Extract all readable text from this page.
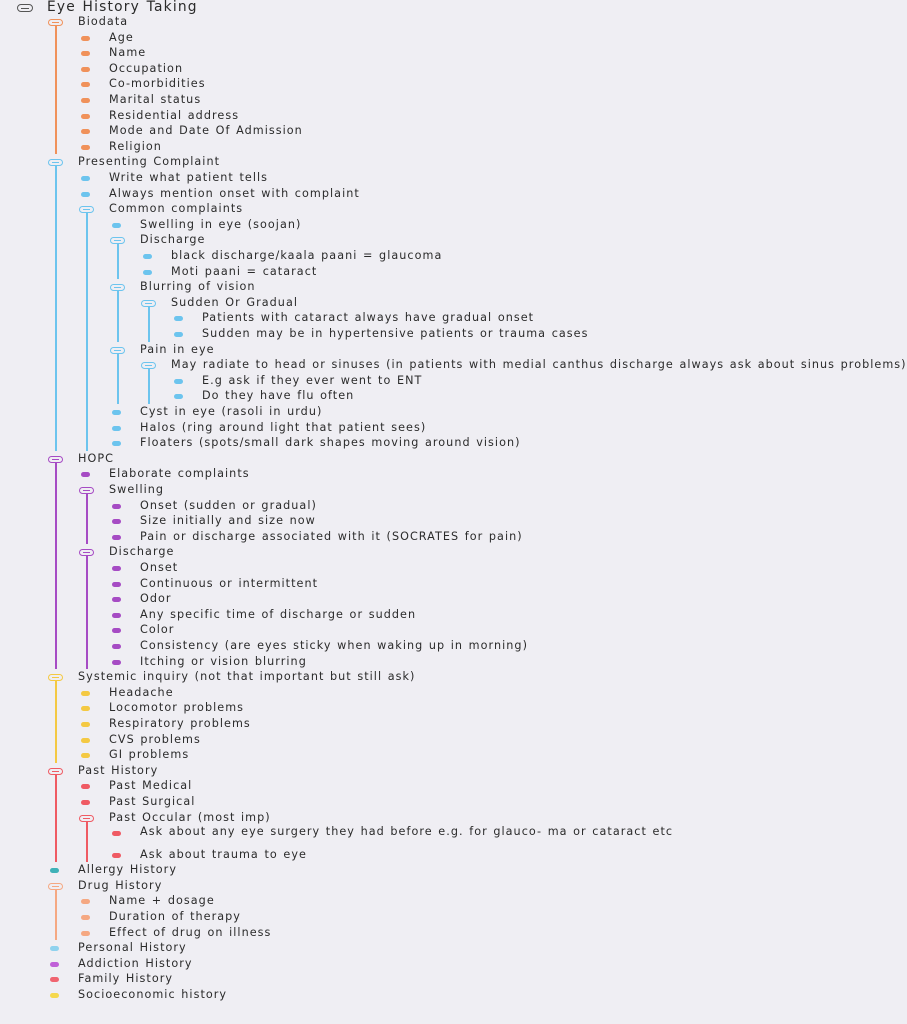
Eye History Taking
Biodata
Age
Name
Occupation
Co-morbidities
Marital status
Residential address
Mode and Date Of Admission
Religion
Presenting Complaint
Write what patient tells
Always mention onset with complaint
Common complaints
Swelling in eye (soojan)
Discharge
black discharge/kaala paani = glaucoma
Moti paani = cataract
Blurring of vision
Sudden Or Gradual
Patients with cataract always have gradual onset
Sudden may be in hypertensive patients or trauma cases
Pain in eye
May radiate to head or sinuses (in patients with medial canthus discharge always ask about sinus problems)
E.g ask if they ever went to ENT
Do they have flu often
Cyst in eye (rasoli in urdu)
Halos (ring around light that patient sees)
Floaters (spots/small dark shapes moving around vision)
HOPC
Elaborate complaints
Swelling
Onset (sudden or gradual)
Size initially and size now
Pain or discharge associated with it (SOCRATES for pain)
Discharge
Onset
Continuous or intermittent
Odor
Any specific time of discharge or sudden
Color
Consistency (are eyes sticky when waking up in morning)
Itching or vision blurring
Systemic inquiry (not that important but still ask)
Headache
Locomotor problems
Respiratory problems
CVS problems
GI problems
Past History
Past Medical
Past Surgical
Past Occular (most imp)
Ask about any eye surgery they had before e.g. for glauco- ma or cataract etc
Ask about trauma to eye
Allergy History
Drug History
Name + dosage
Duration of therapy
Effect of drug on illness
Personal History
Addiction History
Family History
Socioeconomic history
